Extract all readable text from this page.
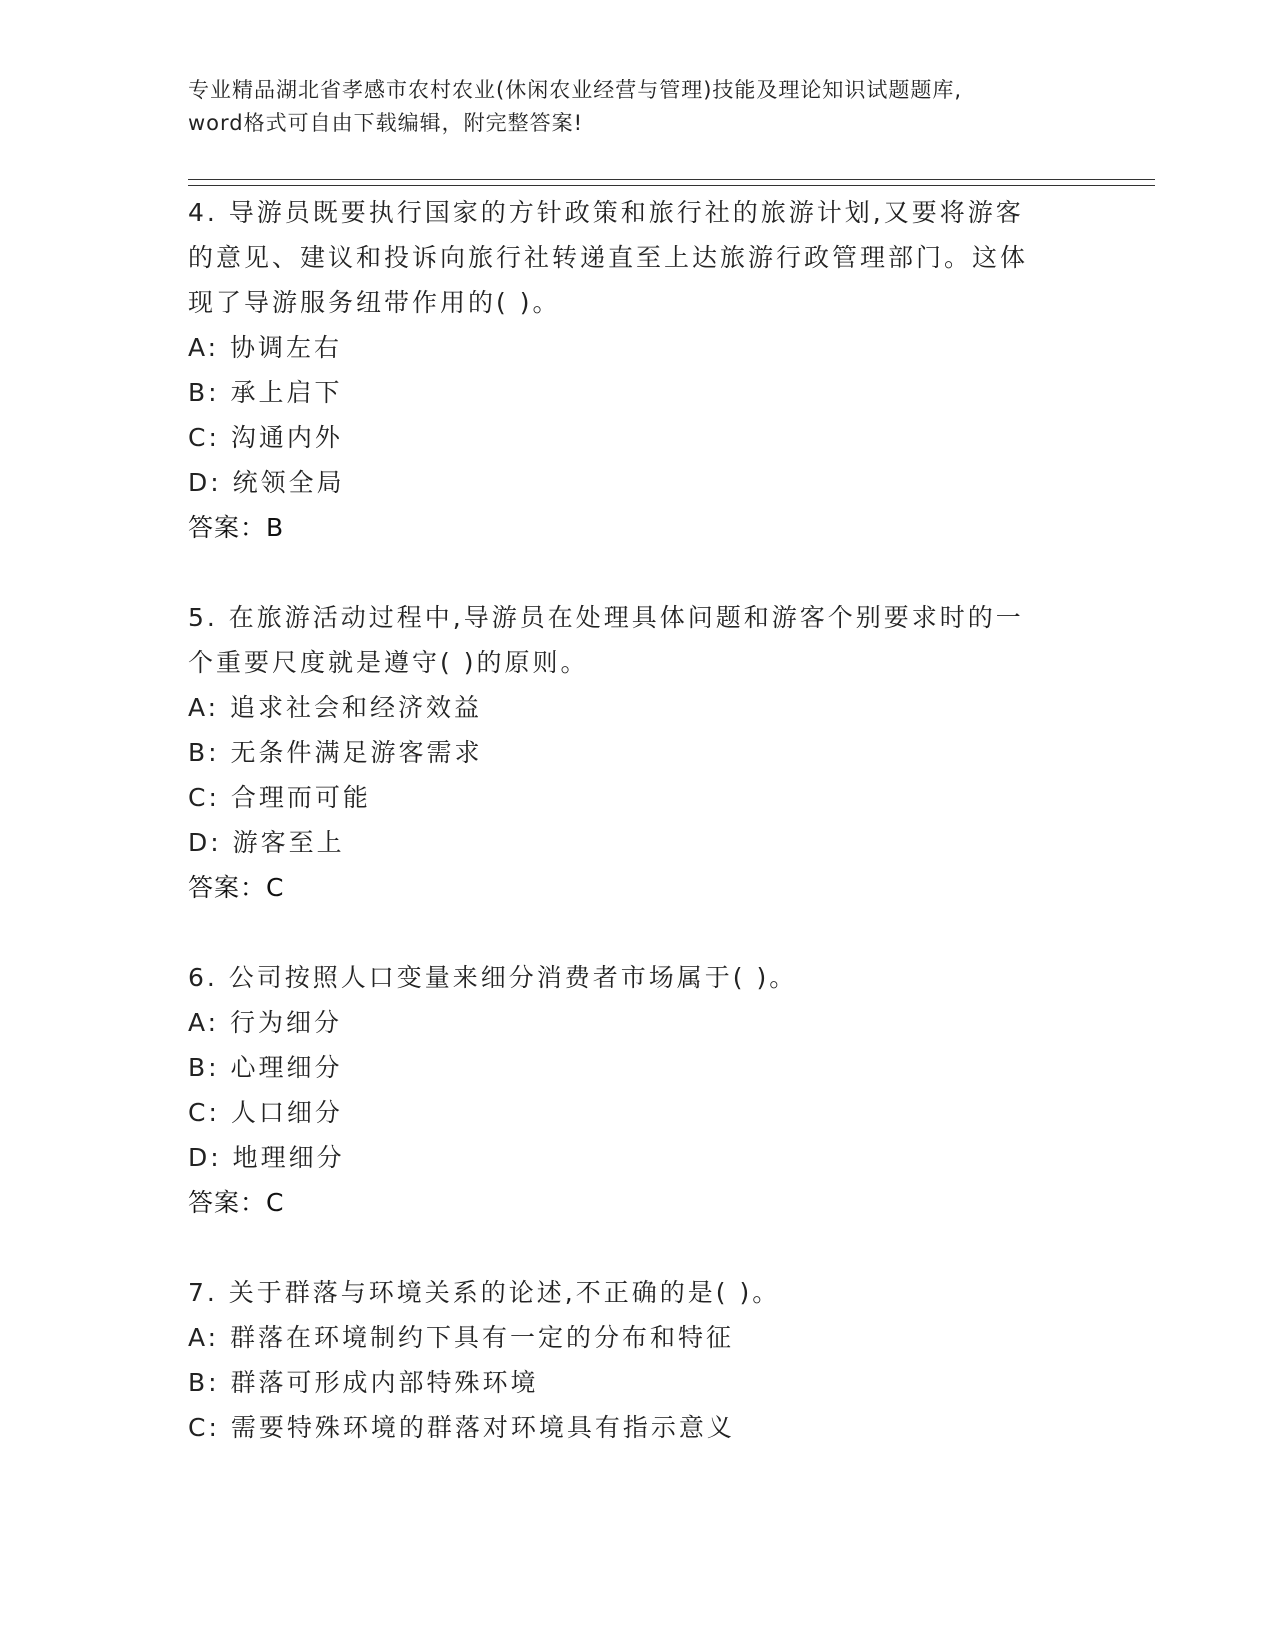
专业精品湖北省孝感市农村农业(休闲农业经营与管理)技能及理论知识试题题库,
word格式可自由下载编辑，附完整答案!
4. 导游员既要执行国家的方针政策和旅行社的旅游计划,又要将游客
的意见、建议和投诉向旅行社转递直至上达旅游行政管理部门。这体
现了导游服务纽带作用的( )。
A: 协调左右
B: 承上启下
C: 沟通内外
D: 统领全局
答案：B
5. 在旅游活动过程中,导游员在处理具体问题和游客个别要求时的一
个重要尺度就是遵守( )的原则。
A: 追求社会和经济效益
B: 无条件满足游客需求
C: 合理而可能
D: 游客至上
答案：C
6. 公司按照人口变量来细分消费者市场属于( )。
A: 行为细分
B: 心理细分
C: 人口细分
D: 地理细分
答案：C
7. 关于群落与环境关系的论述,不正确的是( )。
A: 群落在环境制约下具有一定的分布和特征
B: 群落可形成内部特殊环境
C: 需要特殊环境的群落对环境具有指示意义
